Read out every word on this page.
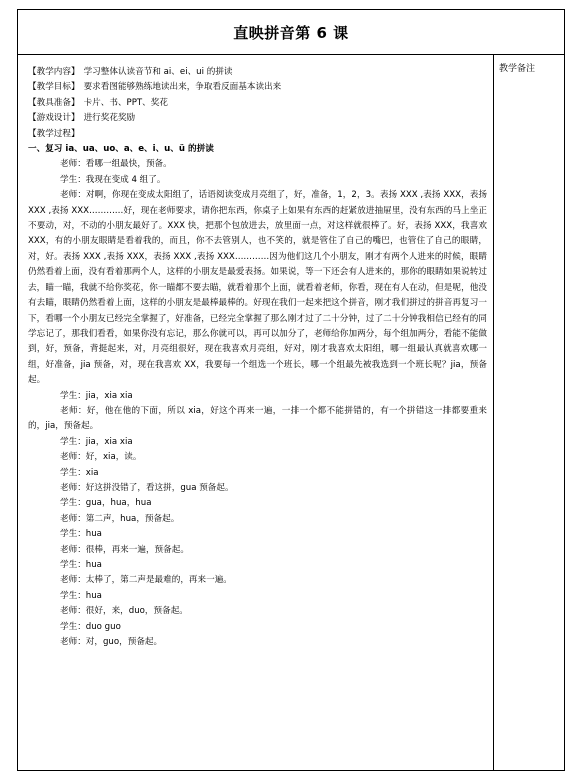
直映拼音第 6 课
【教学内容】 学习整体认读音节和 ai、ei、ui 的拼读
【教学目标】 要求看图能够熟练地读出来，争取看反面基本读出来
【教具准备】 卡片、书、PPT、奖花
【游戏设计】 进行奖花奖励
【教学过程】
一、复习 ia、ua、uo、a、e、i、u、ü 的拼读
老师：看哪一组最快，预备。
学生：我现在变成 4 组了。
老师：对啊，你现在变成太阳组了，话语阅读变成月亮组了，好，准备，1，2，3。表扬 XXX ,表扬 XXX，表扬 XXX ,表扬 XXX…………好，现在老师要求，请你把东西，你桌子上如果有东西的赶紧放进抽屉里，没有东西的马上坐正不要动，对，不动的小朋友最好了。XXX 快，把那个包放进去，放里面一点，对这样就很棒了。好，表扬 XXX，我喜欢 XXX，有的小朋友眼睛是看着我的，而且，你不去管别人，也不笑的，就是管住了自己的嘴巴，也管住了自己的眼睛，对，好。表扬 XXX ,表扬 XXX，表扬 XXX ,表扬 XXX…………因为他们这几个小朋友，刚才有两个人进来的时候，眼睛仍然看着上面，没有看着那两个人，这样的小朋友是最爱表扬。如果说，等一下还会有人进来的，那你的眼睛如果说转过去，瞄一瞄，我就不给你奖花，你一瞄都不要去瞄，就看着那个上面，就看着老师，你看，现在有人在动，但是呢，他没有去瞄，眼睛仍然看着上面，这样的小朋友是最棒最棒的。好现在我们一起来把这个拼音，刚才我们拼过的拼音再复习一下，看哪一个小朋友已经完全掌握了，好准备，已经完全掌握了那么刚才过了二十分钟，过了二十分钟我相信已经有的同学忘记了，那我们看看，如果你没有忘记，那么你就可以，再可以加分了，老师给你加两分，每个组加两分，看能不能做到，好，预备，背挺起来，对，月亮组很好，现在我喜欢月亮组，好对，刚才我喜欢太阳组，哪一组最认真就喜欢哪一组，好准备，jia 预备，对，现在我喜欢 XX，我要每一个组选一个班长，哪一个组最先被我选到一个班长呢？jia，预备起。
学生：jia，xia xia
老师：好，他在他的下面，所以 xia，好这个再来一遍，一排一个都不能拼错的，有一个拼错这一排都要重来的，jia，预备起。
学生：jia，xia xia
老师：好，xia，读。
学生：xia
老师：好这拼没错了，看这拼，gua 预备起。
学生：gua，hua，hua
老师：第二声，hua，预备起。
学生：hua
老师：很棒，再来一遍，预备起。
学生：hua
老师：太棒了，第二声是最难的，再来一遍。
学生：hua
老师：很好，来，duo，预备起。
学生：duo guo
老师：对，guo，预备起。
教学备注
